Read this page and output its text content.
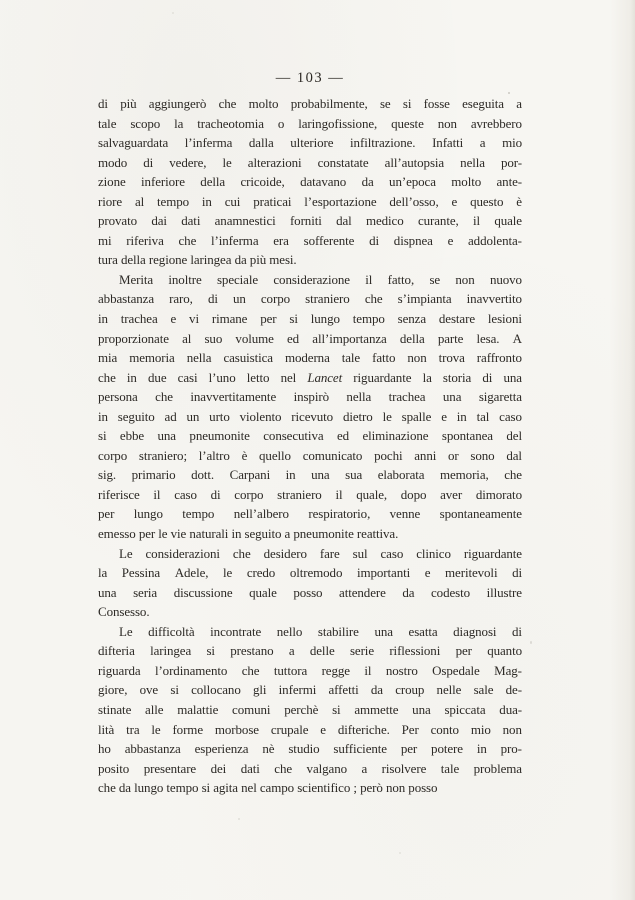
— 103 —
di più aggiungerò che molto probabilmente, se si fosse eseguita a
tale scopo la tracheotomia o laringofissione, queste non avrebbero
salvaguardata l’inferma dalla ulteriore infiltrazione. Infatti a mio
modo di vedere, le alterazioni constatate all’autopsia nella por-
zione inferiore della cricoide, datavano da un’epoca molto ante-
riore al tempo in cui praticai l’esportazione dell’osso, e questo è
provato dai dati anamnestici forniti dal medico curante, il quale
mi riferiva che l’inferma era sofferente di dispnea e addolenta-
tura della regione laringea da più mesi.
Merita inoltre speciale considerazione il fatto, se non nuovo
abbastanza raro, di un corpo straniero che s’impianta inavvertito
in trachea e vi rimane per si lungo tempo senza destare lesioni
proporzionate al suo volume ed all’importanza della parte lesa. A
mia memoria nella casuistica moderna tale fatto non trova raffronto
che in due casi l’uno letto nel Lancet riguardante la storia di una
persona che inavvertitamente inspirò nella trachea una sigaretta
in seguito ad un urto violento ricevuto dietro le spalle e in tal caso
si ebbe una pneumonite consecutiva ed eliminazione spontanea del
corpo straniero; l’altro è quello comunicato pochi anni or sono dal
sig. primario dott. Carpani in una sua elaborata memoria, che
riferisce il caso di corpo straniero il quale, dopo aver dimorato
per lungo tempo nell’albero respiratorio, venne spontaneamente
emesso per le vie naturali in seguito a pneumonite reattiva.
Le considerazioni che desidero fare sul caso clinico riguardante
la Pessina Adele, le credo oltremodo importanti e meritevoli di
una seria discussione quale posso attendere da codesto illustre
Consesso.
Le difficoltà incontrate nello stabilire una esatta diagnosi di
difteria laringea si prestano a delle serie riflessioni per quanto
riguarda l’ordinamento che tuttora regge il nostro Ospedale Mag-
giore, ove si collocano gli infermi affetti da croup nelle sale de-
stinate alle malattie comuni perchè si ammette una spiccata dua-
lità tra le forme morbose crupale e difteriche. Per conto mio non
ho abbastanza esperienza nè studio sufficiente per potere in pro-
posito presentare dei dati che valgano a risolvere tale problema
che da lungo tempo si agita nel campo scientifico ; però non posso
